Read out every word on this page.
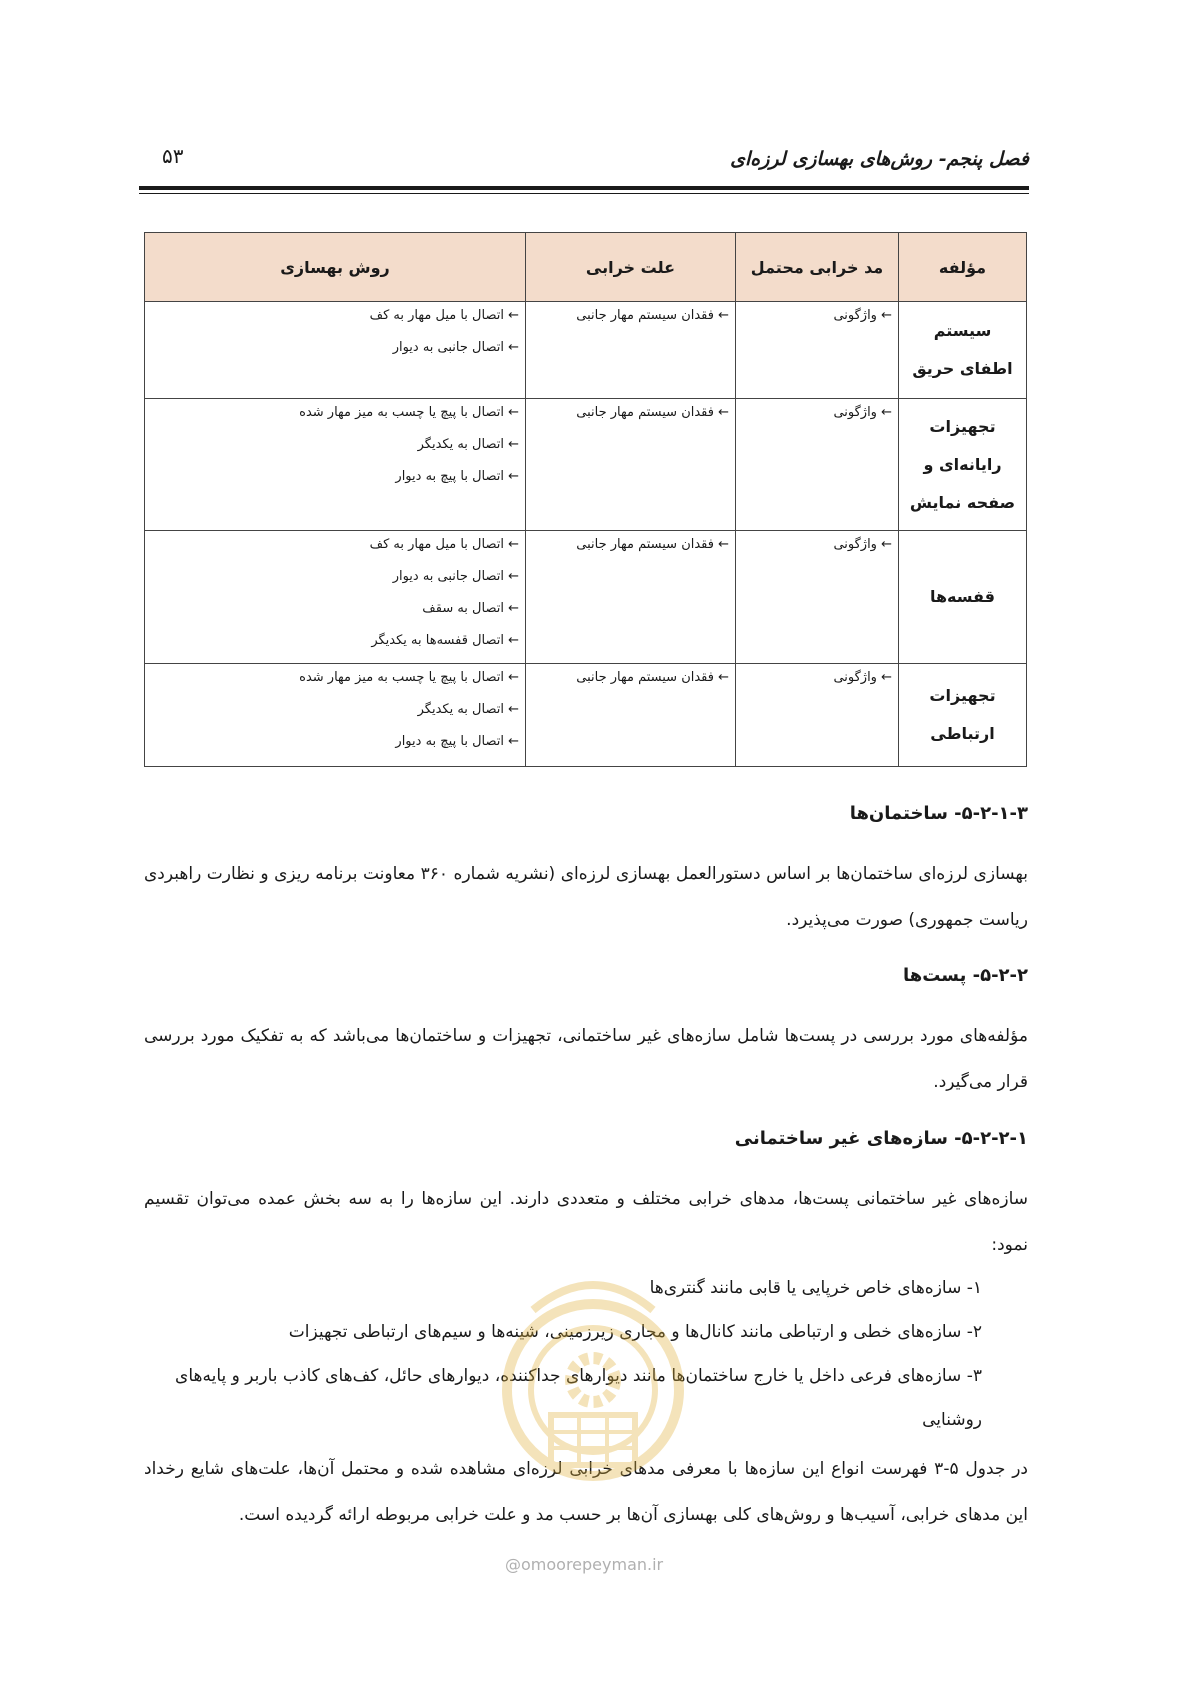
فصل پنجم- روش‌های بهسازی لرزه‌ای
۵۳
مؤلفه	مد خرابی محتمل	علت خرابی	روش بهسازی
سیستم اطفای حریق	← واژگونی	← فقدان سیستم مهار جانبی	← اتصال با میل مهار به کف
← اتصال جانبی به دیوار

تجهیزات رایانه‌ای و صفحه نمایش	← واژگونی	← فقدان سیستم مهار جانبی	← اتصال با پیچ یا چسب به میز مهار شده
← اتصال به یکدیگر
← اتصال با پیچ به دیوار

قفسه‌ها	← واژگونی	← فقدان سیستم مهار جانبی	← اتصال با میل مهار به کف
← اتصال جانبی به دیوار
← اتصال به سقف
← اتصال قفسه‌ها به یکدیگر

تجهیزات ارتباطی	← واژگونی	← فقدان سیستم مهار جانبی	← اتصال با پیچ یا چسب به میز مهار شده
← اتصال به یکدیگر
← اتصال با پیچ به دیوار
۵-۲-۱-۳- ساختمان‌ها
بهسازی لرزه‌ای ساختمان‌ها بر اساس دستورالعمل بهسازی لرزه‌ای (نشریه شماره ۳۶۰ معاونت برنامه ریزی و نظارت راهبردی ریاست جمهوری) صورت می‌پذیرد.
۵-۲-۲- پست‌ها
مؤلفه‌های مورد بررسی در پست‌ها شامل سازه‌های غیر ساختمانی، تجهیزات و ساختمان‌ها می‌باشد که به تفکیک مورد بررسی قرار می‌گیرد.
۵-۲-۲-۱- سازه‌های غیر ساختمانی
سازه‌های غیر ساختمانی پست‌ها، مدهای خرابی مختلف و متعددی دارند. این سازه‌ها را به سه بخش عمده می‌توان تقسیم نمود:
۱- سازه‌های خاص خرپایی یا قابی مانند گنتری‌ها
۲- سازه‌های خطی و ارتباطی مانند کانال‌ها و مجاری زیرزمینی، شینه‌ها و سیم‌های ارتباطی تجهیزات
۳- سازه‌های فرعی داخل یا خارج ساختمان‌ها مانند دیوارهای جداکننده، دیوارهای حائل، کف‌های کاذب باربر و پایه‌های روشنایی
در جدول ۵-۳ فهرست انواع این سازه‌ها با معرفی مدهای خرابی لرزه‌ای مشاهده شده و محتمل آن‌ها، علت‌های شایع رخداد این مدهای خرابی، آسیب‌ها و روش‌های کلی بهسازی آن‌ها بر حسب مد و علت خرابی مربوطه ارائه گردیده است.
@omoorepeyman.ir
